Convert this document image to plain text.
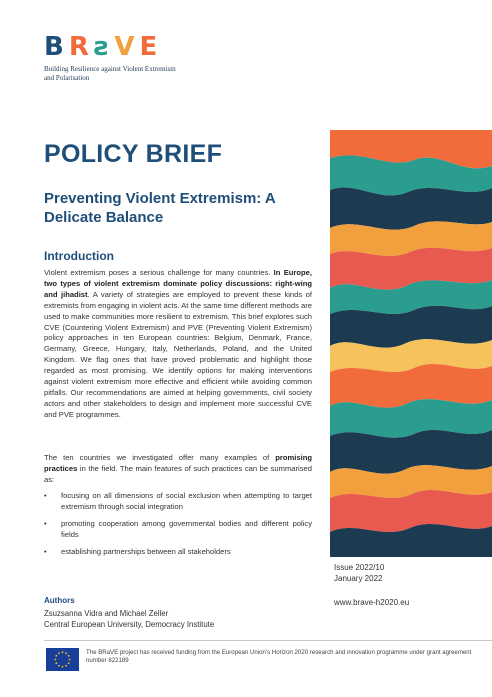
BRƨVE
Building Resilience against Violent Extremism and Polarisation
POLICY BRIEF
Preventing Violent Extremism: A Delicate Balance
Introduction

Violent extremism poses a serious challenge for many countries. In Europe, two types of violent extremism dominate policy discussions: right-wing and jihadist. A variety of strategies are employed to prevent these kinds of extremists from engaging in violent acts. At the same time different methods are used to make communities more resilient to extremism. This brief explores such CVE (Countering Violent Extremism) and PVE (Preventing Violent Extremism) policy approaches in ten European countries: Belgium, Denmark, France, Germany, Greece, Hungary, Italy, Netherlands, Poland, and the United Kingdom. We flag ones that have proved problematic and highlight those regarded as most promising. We identify options for making interventions against violent extremism more effective and efficient while avoiding common pitfalls. Our recommendations are aimed at helping governments, civil society actors and other stakeholders to design and implement more successful CVE and PVE programmes.

The ten countries we investigated offer many examples of promising practices in the field. The main features of such practices can be summarised as:

• focusing on all dimensions of social exclusion when attempting to target extremism through social integration
• promoting cooperation among governmental bodies and different policy fields
• establishing partnerships between all stakeholders
Issue 2022/10
January 2022
www.brave-h2020.eu
Authors
Zsuzsanna Vidra and Michael Zeller
Central European University, Democracy Institute
The BRaVE project has received funding from the European Union’s Horizon 2020 research and innovation programme under grant agreement number 822189
